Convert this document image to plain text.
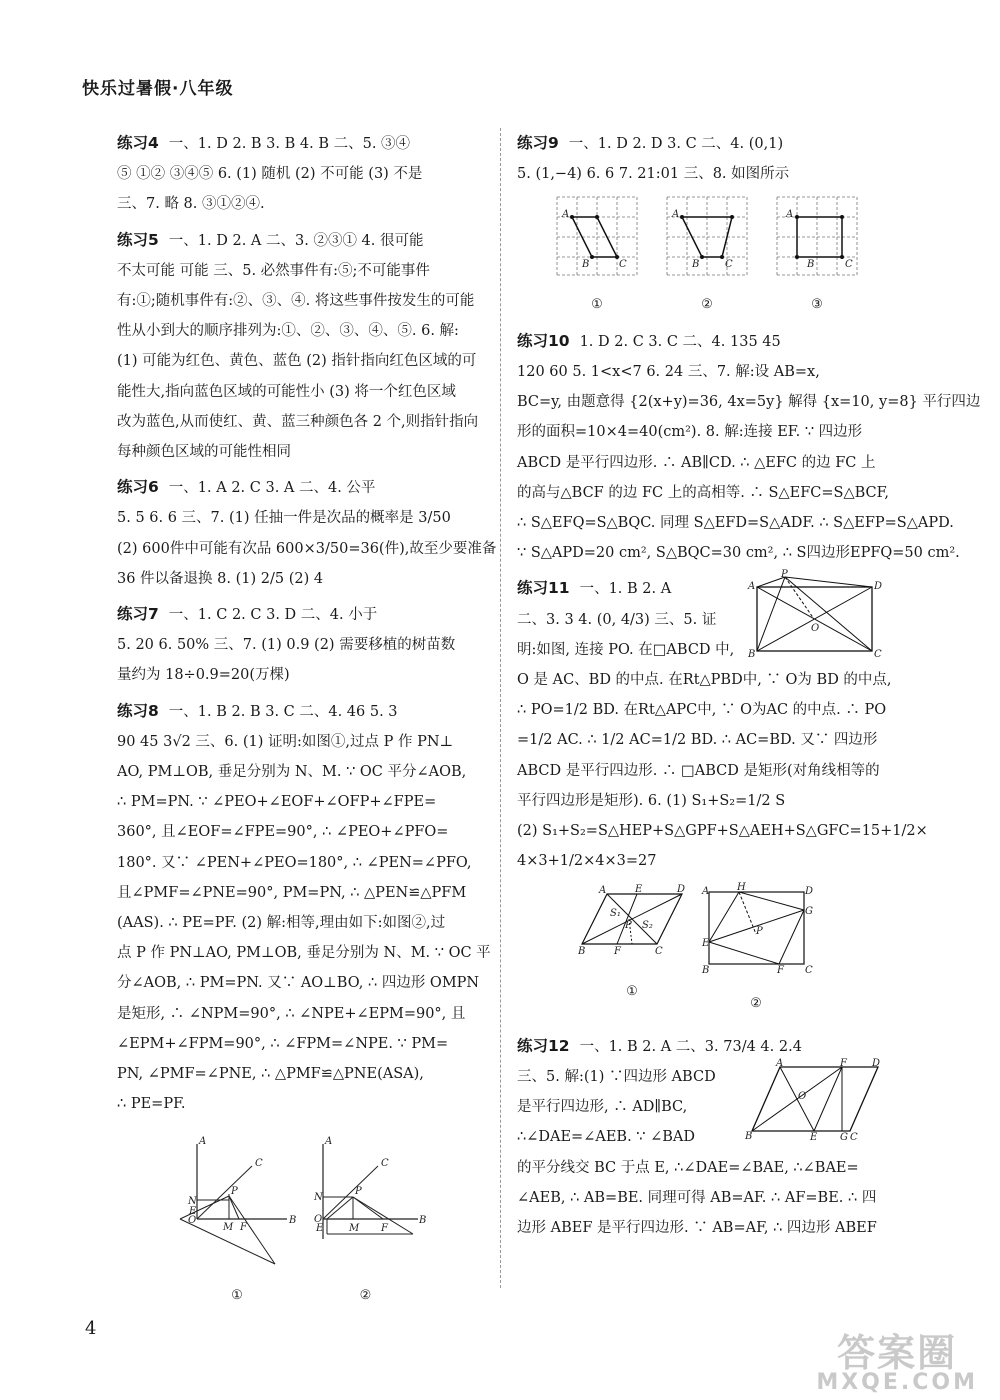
快乐过暑假·八年级
练习4 一、1. D 2. B 3. B 4. B 二、5. ③④
⑤ ①② ③④⑤ 6. (1) 随机 (2) 不可能 (3) 不是
三、7. 略 8. ③①②④.
练习5 一、1. D 2. A 二、3. ②③① 4. 很可能
不太可能 可能 三、5. 必然事件有:⑤;不可能事件
有:①;随机事件有:②、③、④. 将这些事件按发生的可能
性从小到大的顺序排列为:①、②、③、④、⑤. 6. 解:
(1) 可能为红色、黄色、蓝色 (2) 指针指向红色区域的可
能性大,指向蓝色区域的可能性小 (3) 将一个红色区域
改为蓝色,从而使红、黄、蓝三种颜色各 2 个,则指针指向
每种颜色区域的可能性相同
练习6 一、1. A 2. C 3. A 二、4. 公平
5. 5 6. 6 三、7. (1) 任抽一件是次品的概率是 3/50
(2) 600件中可能有次品 600×3/50=36(件),故至少要准备
36 件以备退换 8. (1) 2/5 (2) 4
练习7 一、1. C 2. C 3. D 二、4. 小于
5. 20 6. 50% 三、7. (1) 0.9 (2) 需要移植的树苗数
量约为 18÷0.9=20(万棵)
练习8 一、1. B 2. B 3. C 二、4. 46 5. 3
90 45 3√2 三、6. (1) 证明:如图①,过点 P 作 PN⊥
AO, PM⊥OB, 垂足分别为 N、M. ∵ OC 平分∠AOB,
∴ PM=PN. ∵ ∠PEO+∠EOF+∠OFP+∠FPE=
360°, 且∠EOF=∠FPE=90°, ∴ ∠PEO+∠PFO=
180°. 又∵ ∠PEN+∠PEO=180°, ∴ ∠PEN=∠PFO,
且∠PMF=∠PNE=90°, PM=PN, ∴ △PEN≌△PFM
(AAS). ∴ PE=PF. (2) 解:相等,理由如下:如图②,过
点 P 作 PN⊥AO, PM⊥OB, 垂足分别为 N、M. ∵ OC 平
分∠AOB, ∴ PM=PN. 又∵ AO⊥BO, ∴ 四边形 OMPN
是矩形, ∴ ∠NPM=90°, ∴ ∠NPE+∠EPM=90°, 且
∠EPM+∠FPM=90°, ∴ ∠FPM=∠NPE. ∵ PM=
PN, ∠PMF=∠PNE, ∴ △PMF≌△PNE(ASA),
∴ PE=PF.
A
C
B
N
O
P
M F
E
①
A
C
B
N
O
P
M F
E
②
练习9 一、1. D 2. D 3. C 二、4. (0,1)
5. (1,−4) 6. 6 7. 21:01 三、8. 如图所示
A
B	C
①
A
B	C
②
A
B	C
③
练习10 1. D 2. C 3. C 二、4. 135 45
120 60 5. 1<x<7 6. 24 三、7. 解:设 AB=x,
BC=y, 由题意得 {2(x+y)=36, 4x=5y} 解得 {x=10, y=8} 平行四边
形的面积=10×4=40(cm²). 8. 解:连接 EF. ∵ 四边形
ABCD 是平行四边形. ∴ AB∥CD. ∴ △EFC 的边 FC 上
的高与△BCF 的边 FC 上的高相等. ∴ S△EFC=S△BCF,
∴ S△EFQ=S△BQC. 同理 S△EFD=S△ADF. ∴ S△EFP=S△APD.
∵ S△APD=20 cm², S△BQC=30 cm², ∴ S四边形EPFQ=50 cm².
P
A	D
B	C
O
练习11 一、1. B 2. A
二、3. 3 4. (0, 4/3) 三、5. 证
明:如图, 连接 PO. 在□ABCD 中,
O 是 AC、BD 的中点. 在Rt△PBD中, ∵ O为 BD 的中点,
∴ PO=1/2 BD. 在Rt△APC中, ∵ O为AC 的中点. ∴ PO
=1/2 AC. ∴ 1/2 AC=1/2 BD. ∴ AC=BD. 又∵ 四边形
ABCD 是平行四边形. ∴ □ABCD 是矩形(对角线相等的
平行四边形是矩形). 6. (1) S₁+S₂=1/2 S
(2) S₁+S₂=S△HEP+S△GPF+S△AEH+S△GFC=15+1/2×
4×3+1/2×4×3=27
A	E	D
B	F	C
S₁
S₂
P
①
A	H	D
G
E
P
B	F C
②
A	F	D
O
B	E G C
练习12 一、1. B 2. A 二、3. 73/4 4. 2.4
三、5. 解:(1) ∵四边形 ABCD
是平行四边形, ∴ AD∥BC,
∴∠DAE=∠AEB. ∵ ∠BAD
的平分线交 BC 于点 E, ∴∠DAE=∠BAE, ∴∠BAE=
∠AEB, ∴ AB=BE. 同理可得 AB=AF. ∴ AF=BE. ∴ 四
边形 ABEF 是平行四边形. ∵ AB=AF, ∴ 四边形 ABEF
4
答案圈
MXQE.COM
